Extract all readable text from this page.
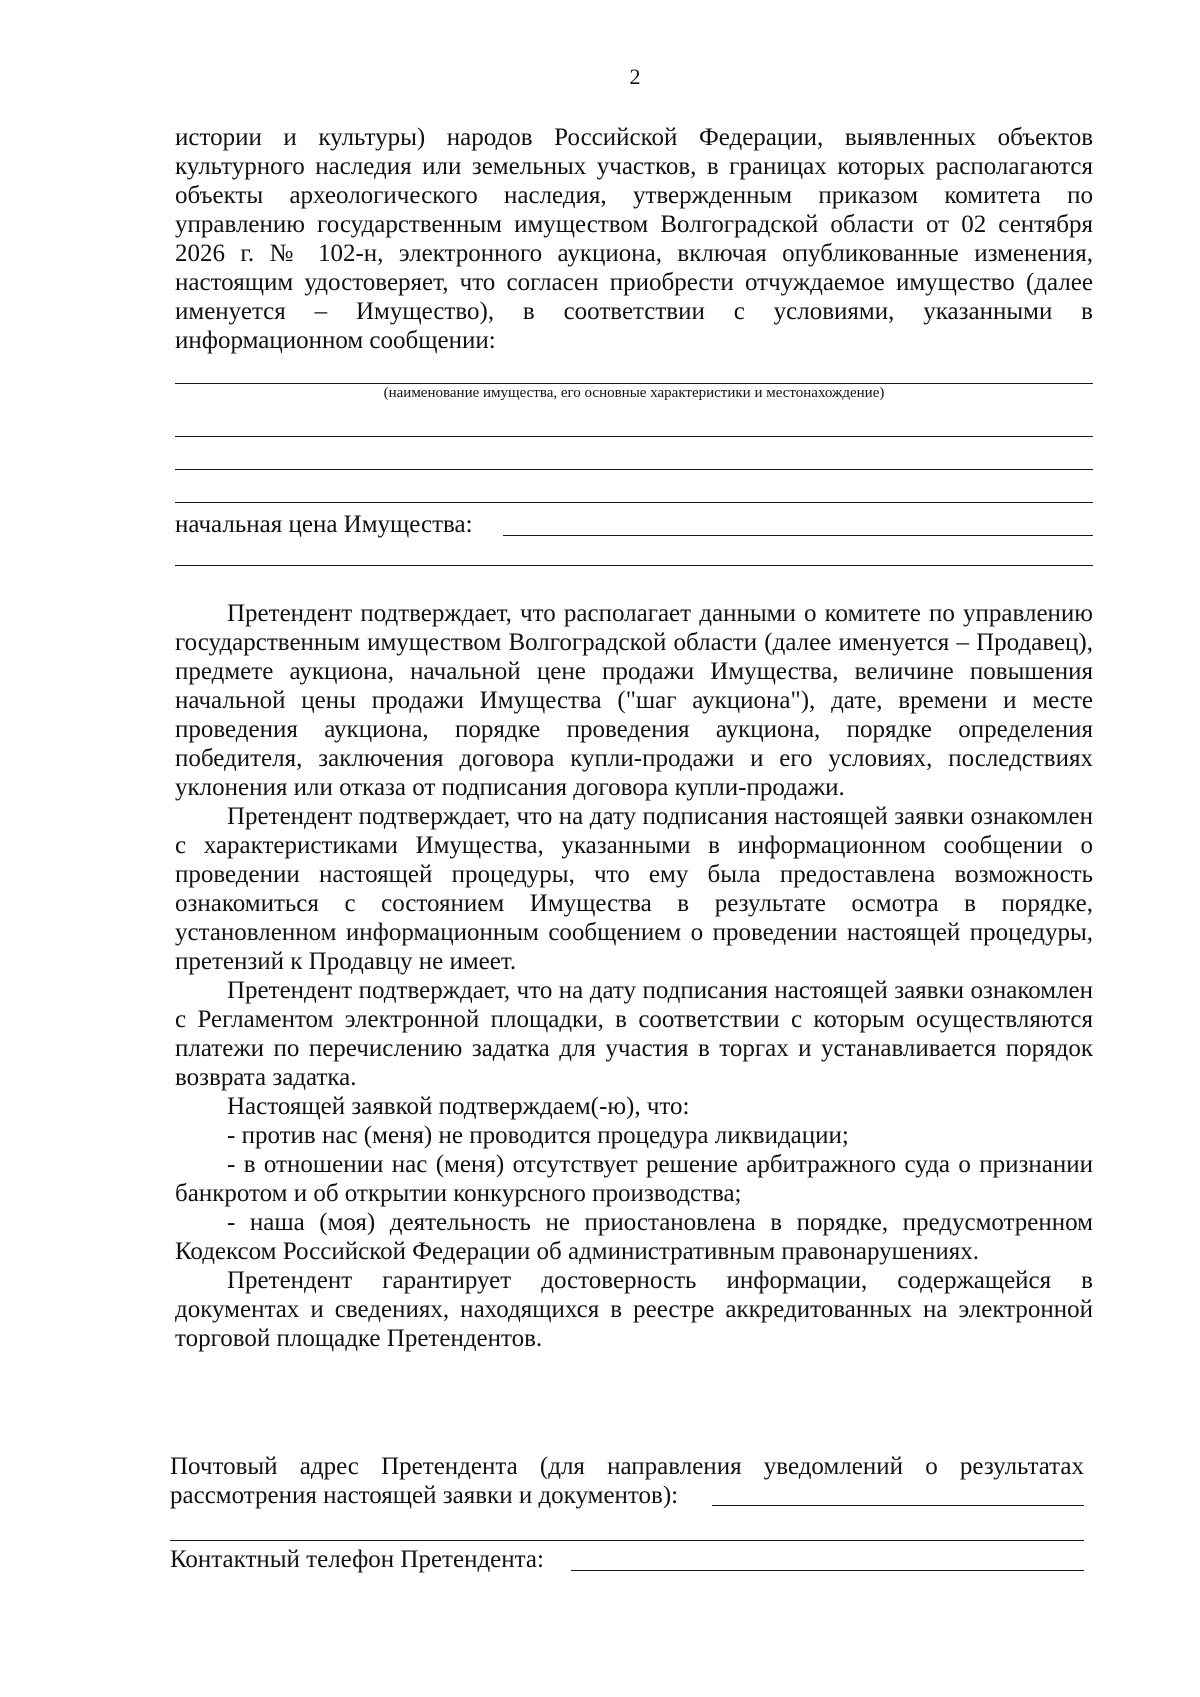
2
истории и культуры) народов Российской Федерации, выявленных объектов культурного наследия или земельных участков, в границах которых располагаются объекты археологического наследия, утвержденным приказом комитета по управлению государственным имуществом Волгоградской области от 02 сентября 2026 г. № 102-н, электронного аукциона, включая опубликованные изменения, настоящим удостоверяет, что согласен приобрести отчуждаемое имущество (далее именуется – Имущество), в соответствии с условиями, указанными в информационном сообщении:
(наименование имущества, его основные характеристики и местонахождение)
начальная цена Имущества:

Претендент подтверждает, что располагает данными о комитете по управлению государственным имуществом Волгоградской области (далее именуется – Продавец), предмете аукциона, начальной цене продажи Имущества, величине повышения начальной цены продажи Имущества ("шаг аукциона"), дате, времени и месте проведения аукциона, порядке проведения аукциона, порядке определения победителя, заключения договора купли-продажи и его условиях, последствиях уклонения или отказа от подписания договора купли-продажи.

Претендент подтверждает, что на дату подписания настоящей заявки ознакомлен с характеристиками Имущества, указанными в информационном сообщении о проведении настоящей процедуры, что ему была предоставлена возможность ознакомиться с состоянием Имущества в результате осмотра в порядке, установленном информационным сообщением о проведении настоящей процедуры, претензий к Продавцу не имеет.

Претендент подтверждает, что на дату подписания настоящей заявки ознакомлен с Регламентом электронной площадки, в соответствии с которым осуществляются платежи по перечислению задатка для участия в торгах и устанавливается порядок возврата задатка.

Настоящей заявкой подтверждаем(-ю), что:

- против нас (меня) не проводится процедура ликвидации;

- в отношении нас (меня) отсутствует решение арбитражного суда о признании банкротом и об открытии конкурсного производства;

- наша (моя) деятельность не приостановлена в порядке, предусмотренном Кодексом Российской Федерации об административным правонарушениях.

Претендент гарантирует достоверность информации, содержащейся в документах и сведениях, находящихся в реестре аккредитованных на электронной торговой площадке Претендентов.

Почтовый адрес Претендента (для направления уведомлений о результатах
рассмотрения настоящей заявки и документов):
Контактный телефон Претендента:
